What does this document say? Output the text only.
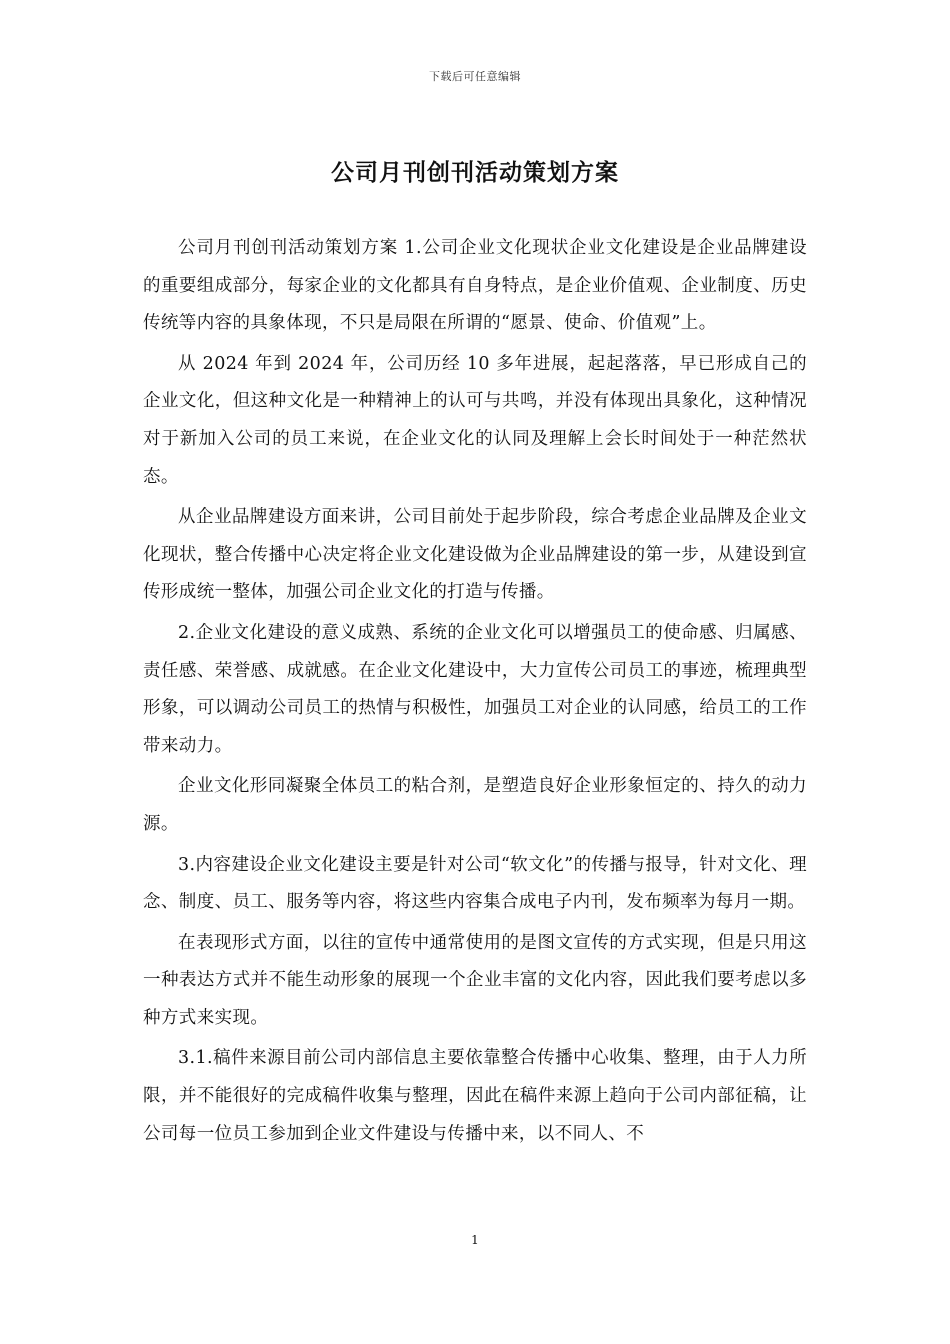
下载后可任意编辑
公司月刊创刊活动策划方案

公司月刊创刊活动策划方案 1.公司企业文化现状企业文化建设是企业品牌建设的重要组成部分，每家企业的文化都具有自身特点，是企业价值观、企业制度、历史传统等内容的具象体现，不只是局限在所谓的“愿景、使命、价值观”上。

从 2024 年到 2024 年，公司历经 10 多年进展，起起落落，早已形成自己的企业文化，但这种文化是一种精神上的认可与共鸣，并没有体现出具象化，这种情况对于新加入公司的员工来说，在企业文化的认同及理解上会长时间处于一种茫然状态。

从企业品牌建设方面来讲，公司目前处于起步阶段，综合考虑企业品牌及企业文化现状，整合传播中心决定将企业文化建设做为企业品牌建设的第一步，从建设到宣传形成统一整体，加强公司企业文化的打造与传播。

2.企业文化建设的意义成熟、系统的企业文化可以增强员工的使命感、归属感、责任感、荣誉感、成就感。在企业文化建设中，大力宣传公司员工的事迹，梳理典型形象，可以调动公司员工的热情与积极性，加强员工对企业的认同感，给员工的工作带来动力。

企业文化形同凝聚全体员工的粘合剂，是塑造良好企业形象恒定的、持久的动力源。

3.内容建设企业文化建设主要是针对公司“软文化”的传播与报导，针对文化、理念、制度、员工、服务等内容，将这些内容集合成电子内刊，发布频率为每月一期。

在表现形式方面，以往的宣传中通常使用的是图文宣传的方式实现，但是只用这一种表达方式并不能生动形象的展现一个企业丰富的文化内容，因此我们要考虑以多种方式来实现。

3.1.稿件来源目前公司内部信息主要依靠整合传播中心收集、整理，由于人力所限，并不能很好的完成稿件收集与整理，因此在稿件来源上趋向于公司内部征稿，让公司每一位员工参加到企业文件建设与传播中来，以不同人、不

1
